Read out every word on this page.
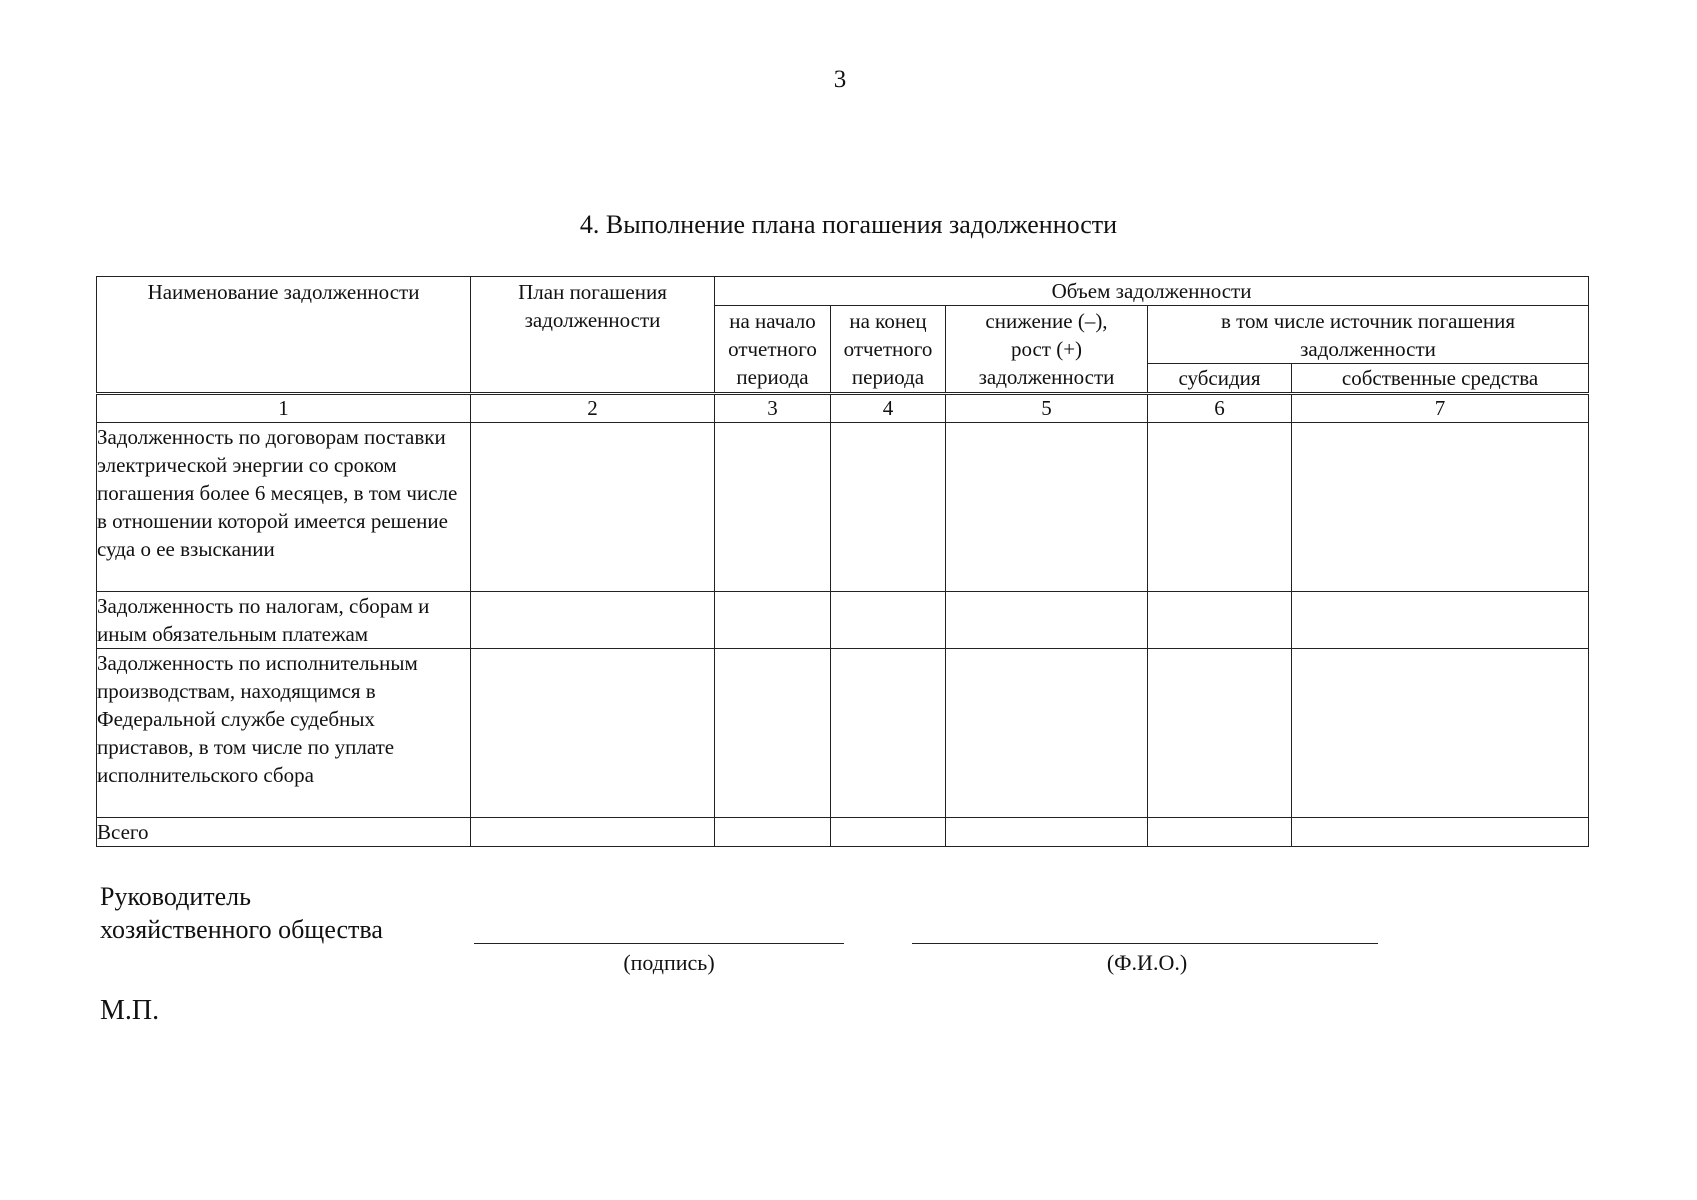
3
4. Выполнение плана погашения задолженности
Наименование задолженности	План погашения задолженности	Объем задолженности				

		на начало отчетного периода	на конец отчетного периода	снижение (–), рост (+) задолженности	в том числе источник погашения задолженности	

					субсидия	собственные средства
1	2	3	4	5	6	7
Задолженность по договорам поставки электрической энергии со сроком погашения более 6 месяцев, в том числе в отношении которой имеется решение суда о ее взыскании						
Задолженность по налогам, сборам и иным обязательным платежам						
Задолженность по исполнительным производствам, находящимся в Федеральной службе судебных приставов, в том числе по уплате исполнительского сбора						
Всего						
Руководитель
хозяйственного общества
(подпись)	(Ф.И.О.)
М.П.
